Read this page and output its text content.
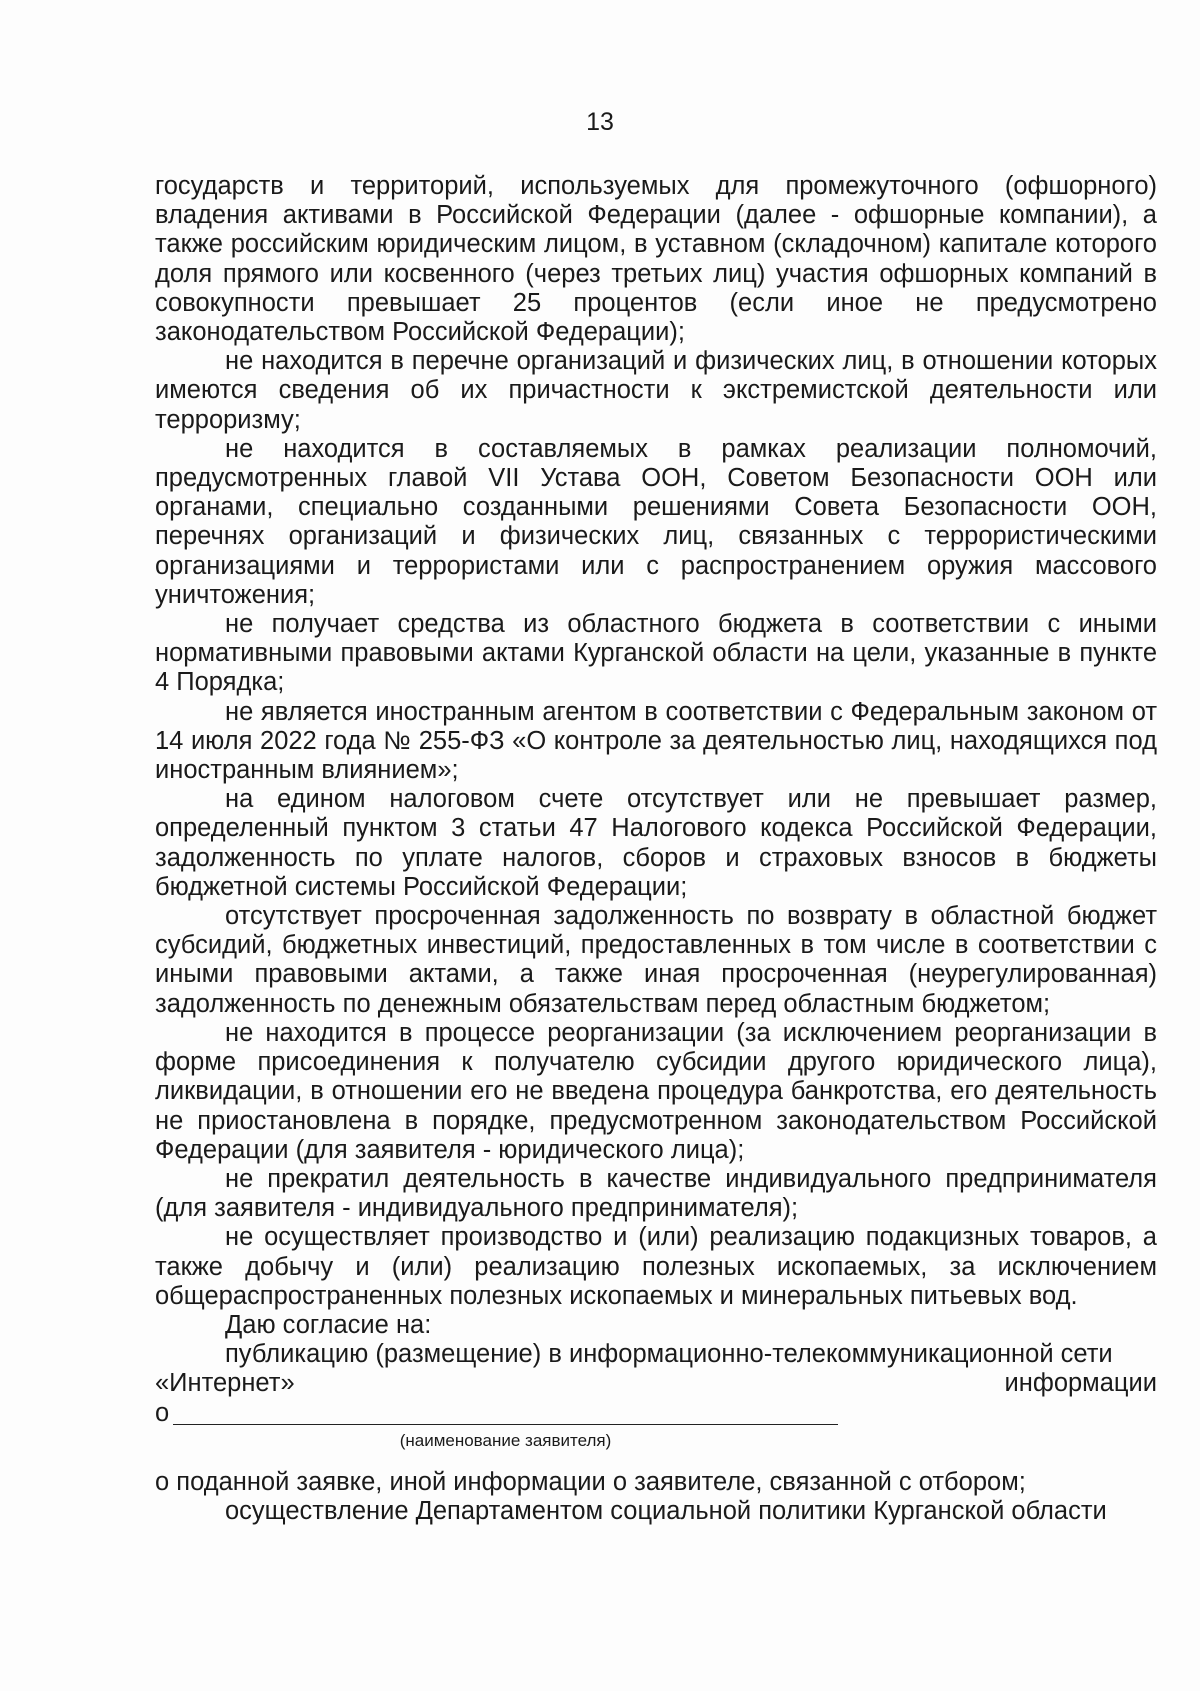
13

государств и территорий, используемых для промежуточного (офшорного) владения активами в Российской Федерации (далее - офшорные компании), а также российским юридическим лицом, в уставном (складочном) капитале которого доля прямого или косвенного (через третьих лиц) участия офшорных компаний в совокупности превышает 25 процентов (если иное не предусмотрено законодательством Российской Федерации);

не находится в перечне организаций и физических лиц, в отношении которых имеются сведения об их причастности к экстремистской деятельности или терроризму;

не находится в составляемых в рамках реализации полномочий, предусмотренных главой VII Устава ООН, Советом Безопасности ООН или органами, специально созданными решениями Совета Безопасности ООН, перечнях организаций и физических лиц, связанных с террористическими организациями и террористами или с распространением оружия массового уничтожения;

не получает средства из областного бюджета в соответствии с иными нормативными правовыми актами Курганской области на цели, указанные в пункте 4 Порядка;

не является иностранным агентом в соответствии с Федеральным законом от 14 июля 2022 года № 255-ФЗ «О контроле за деятельностью лиц, находящихся под иностранным влиянием»;

на едином налоговом счете отсутствует или не превышает размер, определенный пунктом 3 статьи 47 Налогового кодекса Российской Федерации, задолженность по уплате налогов, сборов и страховых взносов в бюджеты бюджетной системы Российской Федерации;

отсутствует просроченная задолженность по возврату в областной бюджет субсидий, бюджетных инвестиций, предоставленных в том числе в соответствии с иными правовыми актами, а также иная просроченная (неурегулированная) задолженность по денежным обязательствам перед областным бюджетом;

не находится в процессе реорганизации (за исключением реорганизации в форме присоединения к получателю субсидии другого юридического лица), ликвидации, в отношении его не введена процедура банкротства, его деятельность не приостановлена в порядке, предусмотренном законодательством Российской Федерации (для заявителя - юридического лица);

не прекратил деятельность в качестве индивидуального предпринимателя (для заявителя - индивидуального предпринимателя);

не осуществляет производство и (или) реализацию подакцизных товаров, а также добычу и (или) реализацию полезных ископаемых, за исключением общераспространенных полезных ископаемых и минеральных питьевых вод.

Даю согласие на:

публикацию (размещение) в информационно-телекоммуникационной сети

«Интернет»	информации
о
(наименование заявителя)

о поданной заявке, иной информации о заявителе, связанной с отбором;

осуществление Департаментом социальной политики Курганской области
